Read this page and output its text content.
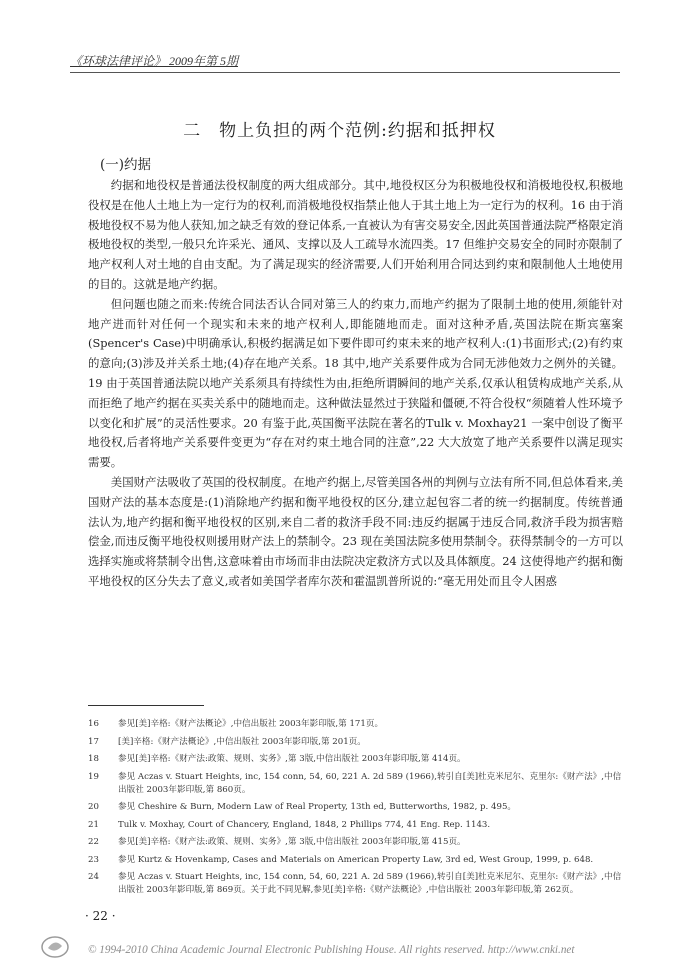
《环球法律评论》 2009年第 5期
二　物上负担的两个范例:约据和抵押权
(一)约据

约据和地役权是普通法役权制度的两大组成部分。其中,地役权区分为积极地役权和消极地役权,积极地役权是在他人土地上为一定行为的权利,而消极地役权指禁止他人于其土地上为一定行为的权利。16 由于消极地役权不易为他人获知,加之缺乏有效的登记体系,一直被认为有害交易安全,因此英国普通法院严格限定消极地役权的类型,一般只允许采光、通风、支撑以及人工疏导水流四类。17 但维护交易安全的同时亦限制了地产权利人对土地的自由支配。为了满足现实的经济需要,人们开始利用合同达到约束和限制他人土地使用的目的。这就是地产约据。

但问题也随之而来:传统合同法否认合同对第三人的约束力,而地产约据为了限制土地的使用,须能针对地产进而针对任何一个现实和未来的地产权利人,即能随地而走。面对这种矛盾,英国法院在斯宾塞案(Spencer's Case)中明确承认,积极约据满足如下要件即可约束未来的地产权利人:(1)书面形式;(2)有约束的意向;(3)涉及并关系土地;(4)存在地产关系。18 其中,地产关系要件成为合同无涉他效力之例外的关键。19 由于英国普通法院以地产关系须具有持续性为由,拒绝所谓瞬间的地产关系,仅承认租赁构成地产关系,从而拒绝了地产约据在买卖关系中的随地而走。这种做法显然过于狭隘和僵硬,不符合役权“须随着人性环境予以变化和扩展”的灵活性要求。20 有鉴于此,英国衡平法院在著名的Tulk v. Moxhay21 一案中创设了衡平地役权,后者将地产关系要件变更为“存在对约束土地合同的注意”,22 大大放宽了地产关系要件以满足现实需要。

美国财产法吸收了英国的役权制度。在地产约据上,尽管美国各州的判例与立法有所不同,但总体看来,美国财产法的基本态度是:(1)消除地产约据和衡平地役权的区分,建立起包容二者的统一约据制度。传统普通法认为,地产约据和衡平地役权的区别,来自二者的救济手段不同:违反约据属于违反合同,救济手段为损害赔偿金,而违反衡平地役权则援用财产法上的禁制令。23 现在美国法院多使用禁制令。获得禁制令的一方可以选择实施或将禁制令出售,这意味着由市场而非由法院决定救济方式以及具体额度。24 这使得地产约据和衡平地役权的区分失去了意义,或者如美国学者库尔茨和霍温凯普所说的:“毫无用处而且令人困惑

16	参见[美]辛格:《财产法概论》,中信出版社 2003年影印版,第 171页。
17	[美]辛格:《财产法概论》,中信出版社 2003年影印版,第 201页。
18	参见[美]辛格:《财产法:政策、规则、实务》,第 3版,中信出版社 2003年影印版,第 414页。
19	参见 Aczas v. Stuart Heights, inc, 154 conn, 54, 60, 221 A. 2d 589 (1966),转引自[美]杜克米尼尔、克里尔:《财产法》,中信出版社 2003年影印版,第 860页。
20	参见 Cheshire & Burn, Modern Law of Real Property, 13th ed, Butterworths, 1982, p. 495。
21	Tulk v. Moxhay, Court of Chancery, England, 1848, 2 Phillips 774, 41 Eng. Rep. 1143.
22	参见[美]辛格:《财产法:政策、规则、实务》,第 3版,中信出版社 2003年影印版,第 415页。
23	参见 Kurtz & Hovenkamp, Cases and Materials on American Property Law, 3rd ed, West Group, 1999, p. 648.
24	参见 Aczas v. Stuart Heights, inc, 154 conn, 54, 60, 221 A. 2d 589 (1966),转引自[美]杜克米尼尔、克里尔:《财产法》,中信出版社 2003年影印版,第 869页。关于此不同见解,参见[美]辛格:《财产法概论》,中信出版社 2003年影印版,第 262页。
· 22 ·
© 1994-2010 China Academic Journal Electronic Publishing House. All rights reserved. http://www.cnki.net
